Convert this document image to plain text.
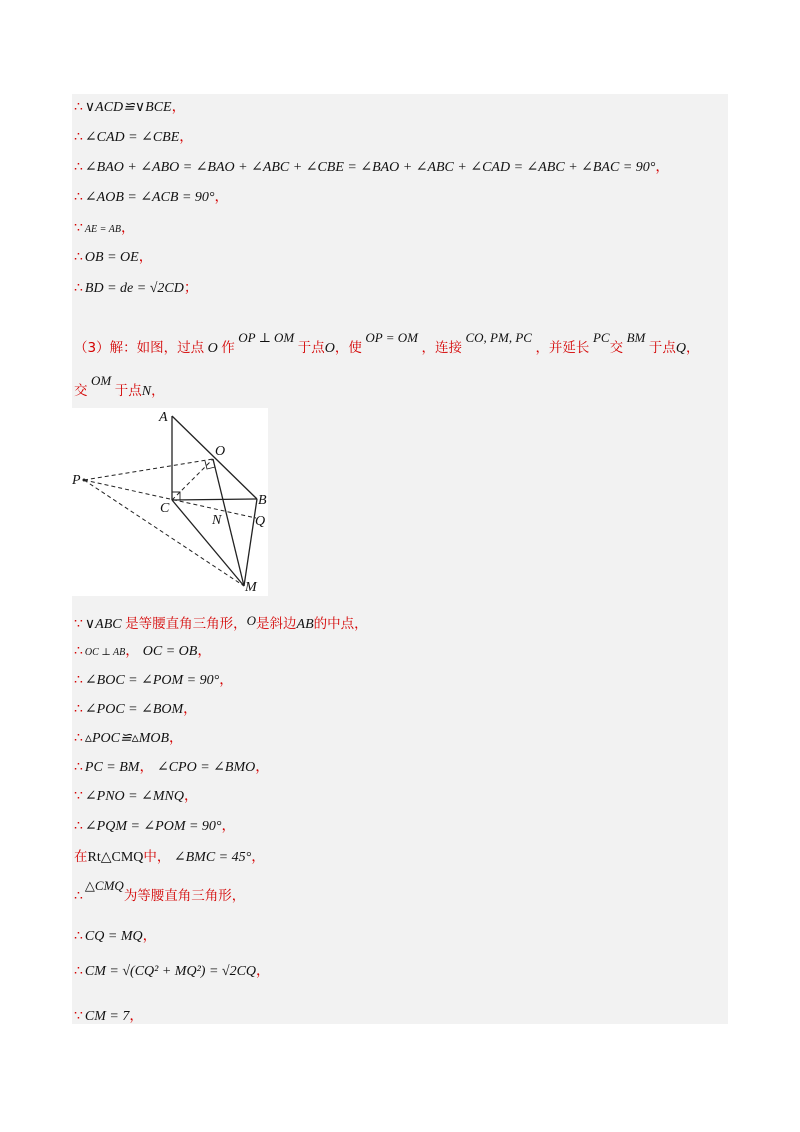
∴ ∨ACD≌∨BCE，
∴ ∠CAD = ∠CBE，
∴ ∠BAO + ∠ABO = ∠BAO + ∠ABC + ∠CBE = ∠BAO + ∠ABC + ∠CAD = ∠ABC + ∠BAC = 90°，
∴ ∠AOB = ∠ACB = 90°，
∵ AE = AB，
∴ OB = OE，
∴ BD = de = √2CD；
（3）解：如图，过点 O 作 OP ⊥ OM 于点O，使 OP = OM ，连接 CO, PM, PC ，并延长 PC交 BM 于点Q，
交 OM 于点N，
A
O
P
B
C
N Q
M
∵ ∨ABC 是等腰直角三角形，O是斜边AB的中点，
∴ OC ⊥ AB， OC = OB，
∴ ∠BOC = ∠POM = 90°，
∴ ∠POC = ∠BOM，
∴ ▵POC≌▵MOB，
∴ PC = BM， ∠CPO = ∠BMO，
∵ ∠PNO = ∠MNQ，
∴ ∠PQM = ∠POM = 90°，
在Rt△CMQ中， ∠BMC = 45°，
∴△CMQ为等腰直角三角形，
∴ CQ = MQ，
∴ CM = √(CQ² + MQ²) = √2CQ，
∵ CM = 7，
